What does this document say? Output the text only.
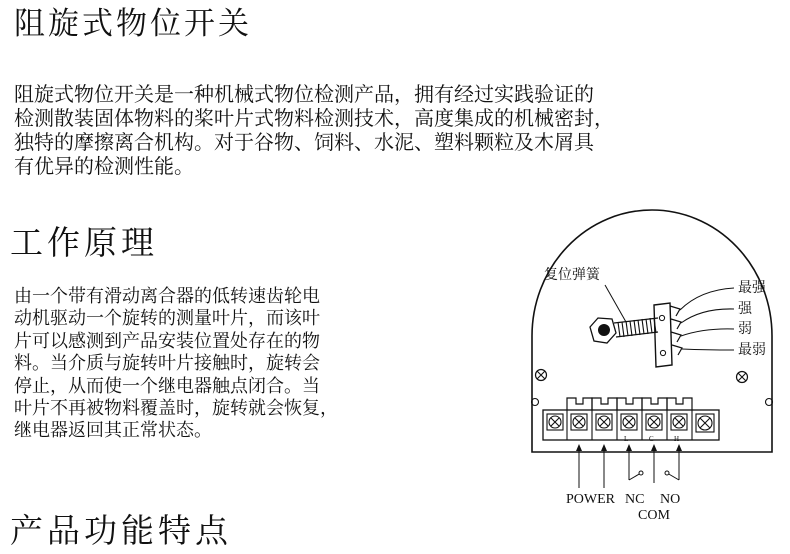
阻旋式物位开关
阻旋式物位开关是一种机械式物位检测产品，拥有经过实践验证的
检测散装固体物料的桨叶片式物料检测技术，高度集成的机械密封，
独特的摩擦离合机构。对于谷物、饲料、水泥、塑料颗粒及木屑具
有优异的检测性能。
工作原理
由一个带有滑动离合器的低转速齿轮电
动机驱动一个旋转的测量叶片，而该叶
片可以感测到产品安装位置处存在的物
料。当介质与旋转叶片接触时，旋转会
停止，从而使一个继电器触点闭合。当
叶片不再被物料覆盖时，旋转就会恢复，
继电器返回其正常状态。
产品功能特点
复位弹簧
最强
强
弱
最弱
L	C	H
POWER NC NO
COM
